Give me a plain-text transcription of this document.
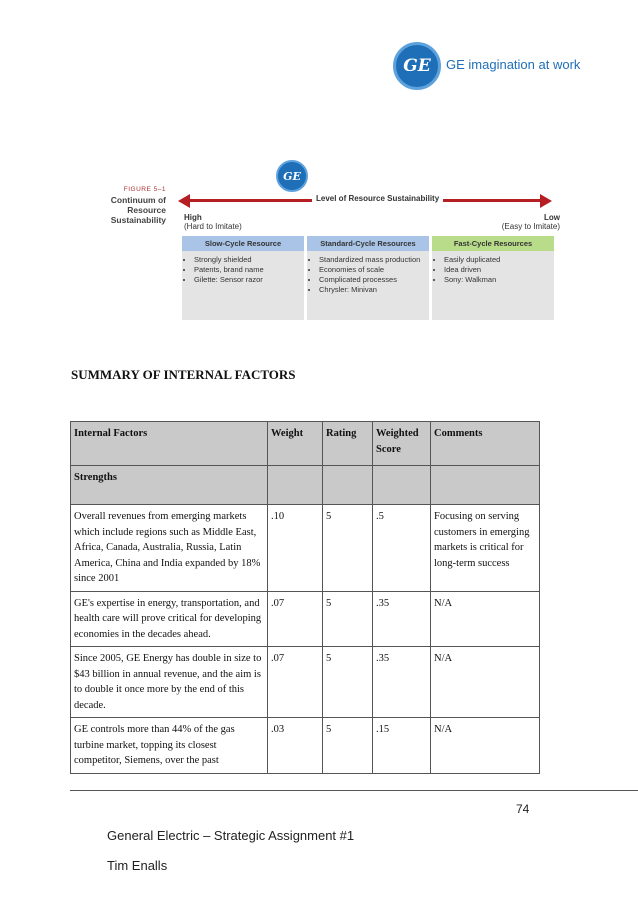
GE GE imagination at work
FIGURE 5–1
Continuum of
Resource
Sustainability
GE
Level of Resource Sustainability
High
(Hard to Imitate)
Low
(Easy to Imitate)
Slow-Cycle Resource
• Strongly shielded
• Patents, brand name
• Gilette: Sensor razor
Standard-Cycle Resources
• Standardized mass production
• Economies of scale
• Complicated processes
• Chrysler: Minivan
Fast-Cycle Resources
• Easily duplicated
• Idea driven
• Sony: Walkman
SUMMARY OF INTERNAL FACTORS
Internal Factors	Weight	Rating	Weighted Score	Comments
Strengths				
Overall revenues from emerging markets which include regions such as Middle East, Africa, Canada, Australia, Russia, Latin America, China and India expanded by 18% since 2001	.10	5	.5	Focusing on serving customers in emerging markets is critical for long-term success
GE's expertise in energy, transportation, and health care will prove critical for developing economies in the decades ahead.	.07	5	.35	N/A
Since 2005, GE Energy has double in size to $43 billion in annual revenue, and the aim is to double it once more by the end of this decade.	.07	5	.35	N/A
GE controls more than 44% of the gas turbine market, topping its closest competitor, Siemens, over the past	.03	5	.15	N/A
74
General Electric – Strategic Assignment #1
Tim Enalls
